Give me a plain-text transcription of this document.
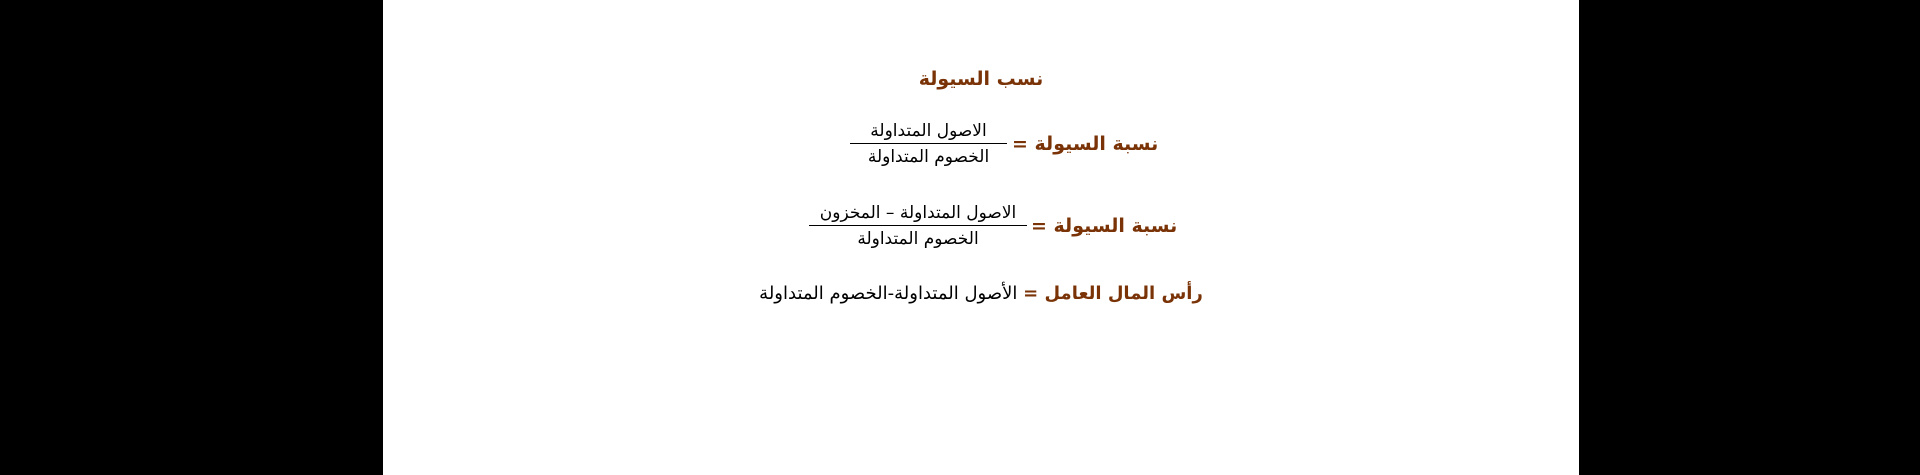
نسب السيولة
نسبة السيولة =
الاصول المتداولة
الخصوم المتداولة
نسبة السيولة =
الاصول المتداولة – المخزون
الخصوم المتداولة
رأس المال العامل = الأصول المتداولة-الخصوم المتداولة
